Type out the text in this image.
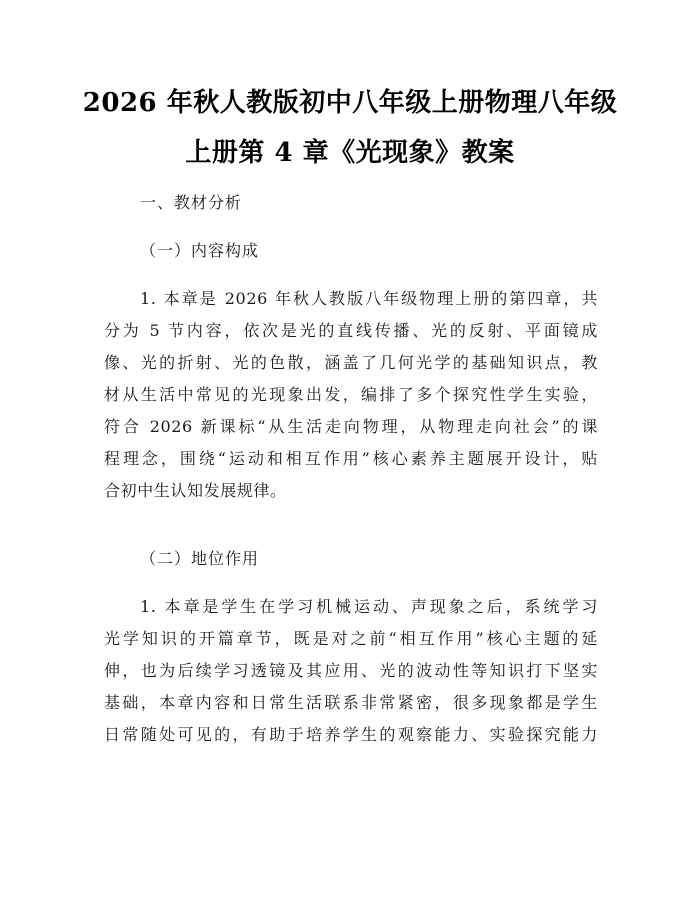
2026 年秋人教版初中八年级上册物理八年级
上册第 4 章《光现象》教案
一、教材分析
（一）内容构成
1. 本章是 2026 年秋人教版八年级物理上册的第四章，共
分为 5 节内容，依次是光的直线传播、光的反射、平面镜成
像、光的折射、光的色散，涵盖了几何光学的基础知识点，教
材从生活中常见的光现象出发，编排了多个探究性学生实验，
符合 2026 新课标“从生活走向物理，从物理走向社会”的课
程理念，围绕“运动和相互作用”核心素养主题展开设计，贴
合初中生认知发展规律。
（二）地位作用
1. 本章是学生在学习机械运动、声现象之后，系统学习
光学知识的开篇章节，既是对之前“相互作用”核心主题的延
伸，也为后续学习透镜及其应用、光的波动性等知识打下坚实
基础，本章内容和日常生活联系非常紧密，很多现象都是学生
日常随处可见的，有助于培养学生的观察能力、实验探究能力
